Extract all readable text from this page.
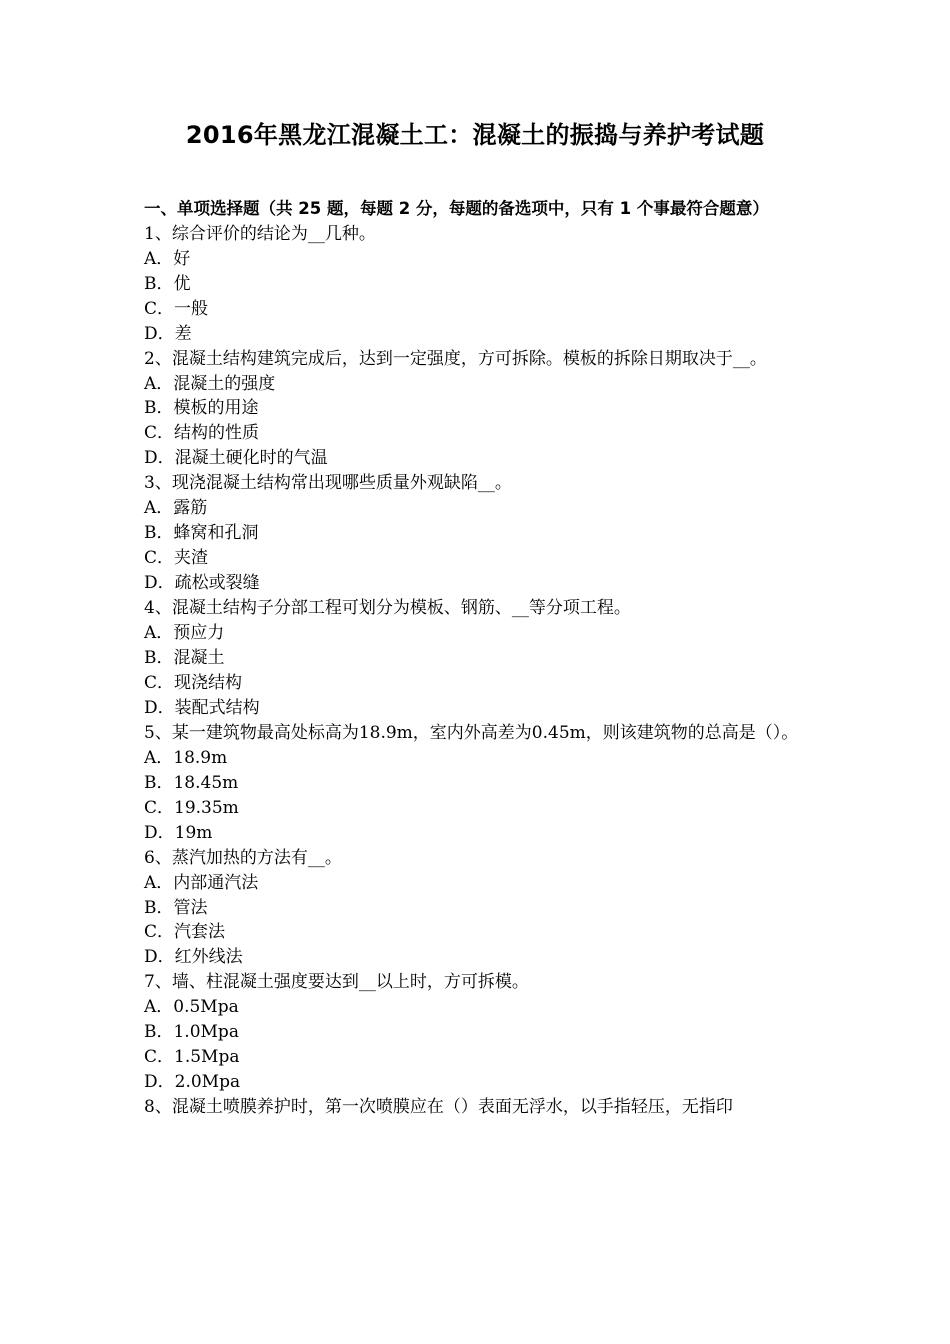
2016年黑龙江混凝土工：混凝土的振捣与养护考试题
一、单项选择题（共 25 题，每题 2 分，每题的备选项中，只有 1 个事最符合题意）
1、综合评价的结论为__几种。
A．好
B．优
C．一般
D．差
2、混凝土结构建筑完成后，达到一定强度，方可拆除。模板的拆除日期取决于__。
A．混凝土的强度
B．模板的用途
C．结构的性质
D．混凝土硬化时的气温
3、现浇混凝土结构常出现哪些质量外观缺陷__。
A．露筋
B．蜂窝和孔洞
C．夹渣
D．疏松或裂缝
4、混凝土结构子分部工程可划分为模板、钢筋、__等分项工程。
A．预应力
B．混凝土
C．现浇结构
D．装配式结构
5、某一建筑物最高处标高为18.9m，室内外高差为0.45m，则该建筑物的总高是（）。
A．18.9m
B．18.45m
C．19.35m
D．19m
6、蒸汽加热的方法有__。
A．内部通汽法
B．管法
C．汽套法
D．红外线法
7、墙、柱混凝土强度要达到__以上时，方可拆模。
A．0.5Mpa
B．1.0Mpa
C．1.5Mpa
D．2.0Mpa
8、混凝土喷膜养护时，第一次喷膜应在（）表面无浮水，以手指轻压，无指印
